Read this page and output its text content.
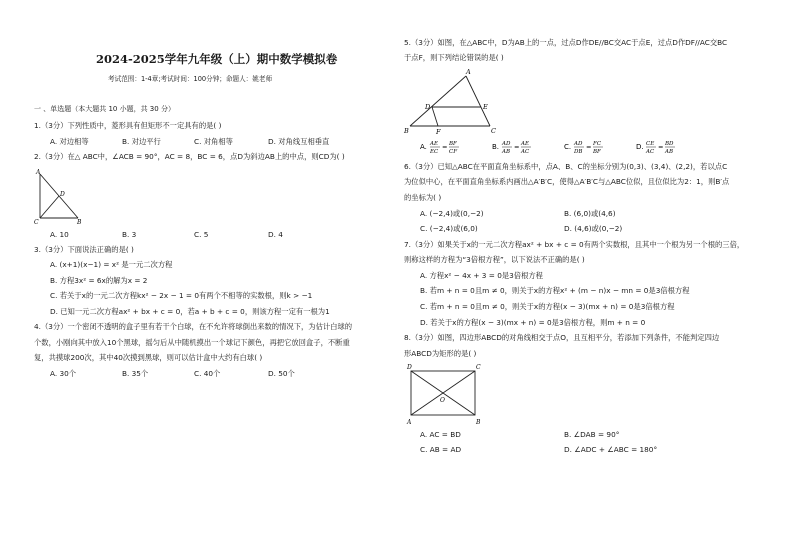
2024-2025学年九年级（上）期中数学模拟卷
考试范围：1-4章;考试时间：100分钟；命题人：姚老师
一 、单选题（本大题共 10 小题，共 30 分）
1.（3分）下列性质中，菱形具有但矩形不一定具有的是( )
A. 对边相等	B. 对边平行	C. 对角相等	D. 对角线互相垂直
2.（3分）在△ ABC中，∠ACB = 90°，AC = 8，BC = 6，点D为斜边AB上的中点，则CD为( )
A
D
C	B
A. 10	B. 3	C. 5	D. 4
3.（3分）下面说法正确的是( )
A. (x+1)(x−1) = x² 是一元二次方程
B. 方程3x² = 6x的解为x = 2
C. 若关于x的一元二次方程kx² − 2x − 1 = 0有两个不相等的实数根，则k > −1
D. 已知一元二次方程ax² + bx + c = 0，若a + b + c = 0，则该方程一定有一根为1
4.（3分）一个密闭不透明的盒子里有若干个白球，在不允许将球倒出来数的情况下，为估计白球的
个数，小刚向其中放入10个黑球，摇匀后从中随机摸出一个球记下颜色，再把它放回盒子，不断重
复，共摸球200次，其中40次摸到黑球，则可以估计盒中大约有白球( )
A. 30个	B. 35个	C. 40个	D. 50个
5.（3分）如图，在△ABC中，D为AB上的一点，过点D作DE//BC交AC于点E，过点D作DF//AC交BC
于点F，则下列结论错误的是( )
A
D	E
B	F	C
A. AE
EC
= BF
CF
B. AD
AB
= AE
AC
C. AD
DB
= FC
BF
D. CE
AC
= BD
AB
6.（3分）已知△ABC在平面直角坐标系中，点A、B、C的坐标分别为(0,3)、(3,4)、(2,2)，若以点C
为位似中心，在平面直角坐标系内画出△A′B′C，使得△A′B′C与△ABC位似，且位似比为2：1，则B′点
的坐标为( )
A. (−2,4)或(0,−2)	B. (6,0)或(4,6)
C. (−2,4)或(6,0)	D. (4,6)或(0,−2)
7.（3分）如果关于x的一元二次方程ax² + bx + c = 0有两个实数根，且其中一个根为另一个根的三倍，
则称这样的方程为“3倍根方程”，以下说法不正确的是( )
A. 方程x² − 4x + 3 = 0是3倍根方程
B. 若m + n = 0且m ≠ 0，则关于x的方程x² + (m − n)x − mn = 0是3倍根方程
C. 若m + n = 0且m ≠ 0，则关于x的方程(x − 3)(mx + n) = 0是3倍根方程
D. 若关于x的方程(x − 3)(mx + n) = 0是3倍根方程，则m + n = 0
8.（3分）如图，四边形ABCD的对角线相交于点O，且互相平分，若添加下列条件，不能判定四边
形ABCD为矩形的是( )
D	C
O
A	B
A. AC = BD	B. ∠DAB = 90°
C. AB = AD	D. ∠ADC + ∠ABC = 180°
